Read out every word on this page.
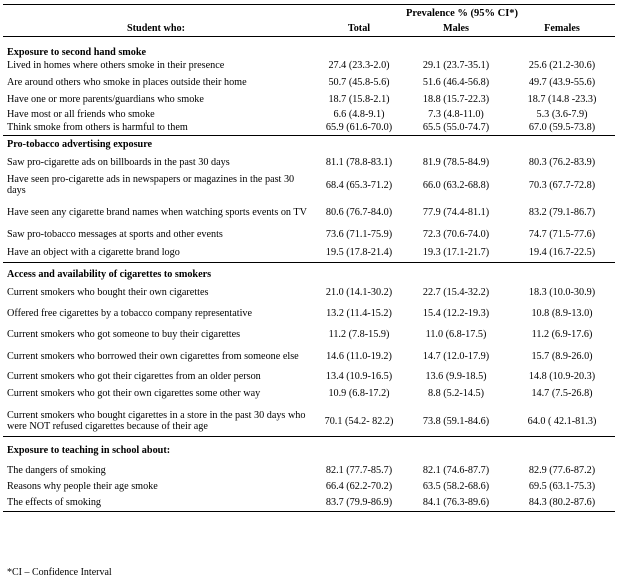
Prevalence % (95% CI*)
Student who:	Total	Males	Females
Exposure to second hand smoke
Lived in homes where others smoke in their presence	27.4 (23.3-2.0)	29.1 (23.7-35.1)	25.6 (21.2-30.6)
Are around others who smoke in places outside their home	50.7 (45.8-5.6)	51.6 (46.4-56.8)	49.7 (43.9-55.6)
Have one or more parents/guardians who smoke	18.7 (15.8-2.1)	18.8 (15.7-22.3)	18.7 (14.8 -23.3)
Have most or all friends who smoke	6.6 (4.8-9.1)	7.3 (4.8-11.0)	5.3 (3.6-7.9)
Think smoke from others is harmful to them	65.9 (61.6-70.0)	65.5 (55.0-74.7)	67.0 (59.5-73.8)
Pro-tobacco advertising exposure
Saw pro-cigarette ads on billboards in the past 30 days	81.1 (78.8-83.1)	81.9 (78.5-84.9)	80.3 (76.2-83.9)
Have seen pro-cigarette ads in newspapers or magazines in the past 30 days	68.4 (65.3-71.2)	66.0 (63.2-68.8)	70.3 (67.7-72.8)
Have seen any cigarette brand names when watching sports events on TV	80.6 (76.7-84.0)	77.9 (74.4-81.1)	83.2 (79.1-86.7)
Saw pro-tobacco messages at sports and other events	73.6 (71.1-75.9)	72.3 (70.6-74.0)	74.7 (71.5-77.6)
Have an object with a cigarette brand logo	19.5 (17.8-21.4)	19.3 (17.1-21.7)	19.4 (16.7-22.5)
Access and availability of cigarettes to smokers
Current smokers who bought their own cigarettes	21.0 (14.1-30.2)	22.7 (15.4-32.2)	18.3 (10.0-30.9)
Offered free cigarettes by a tobacco company representative	13.2 (11.4-15.2)	15.4 (12.2-19.3)	10.8 (8.9-13.0)
Current smokers who got someone to buy their cigarettes	11.2 (7.8-15.9)	11.0 (6.8-17.5)	11.2 (6.9-17.6)
Current smokers who borrowed their own cigarettes from someone else	14.6 (11.0-19.2)	14.7 (12.0-17.9)	15.7 (8.9-26.0)
Current smokers who got their cigarettes from an older person	13.4 (10.9-16.5)	13.6 (9.9-18.5)	14.8 (10.9-20.3)
Current smokers who got their own cigarettes some other way	10.9 (6.8-17.2)	8.8 (5.2-14.5)	14.7 (7.5-26.8)
Current smokers who bought cigarettes in a store in the past 30 days who were NOT refused cigarettes because of their age	70.1 (54.2- 82.2)	73.8 (59.1-84.6)	64.0 ( 42.1-81.3)
Exposure to teaching in school about:
The dangers of smoking	82.1 (77.7-85.7)	82.1 (74.6-87.7)	82.9 (77.6-87.2)
Reasons why people their age smoke	66.4 (62.2-70.2)	63.5 (58.2-68.6)	69.5 (63.1-75.3)
The effects of smoking	83.7 (79.9-86.9)	84.1 (76.3-89.6)	84.3 (80.2-87.6)
*CI – Confidence Interval
